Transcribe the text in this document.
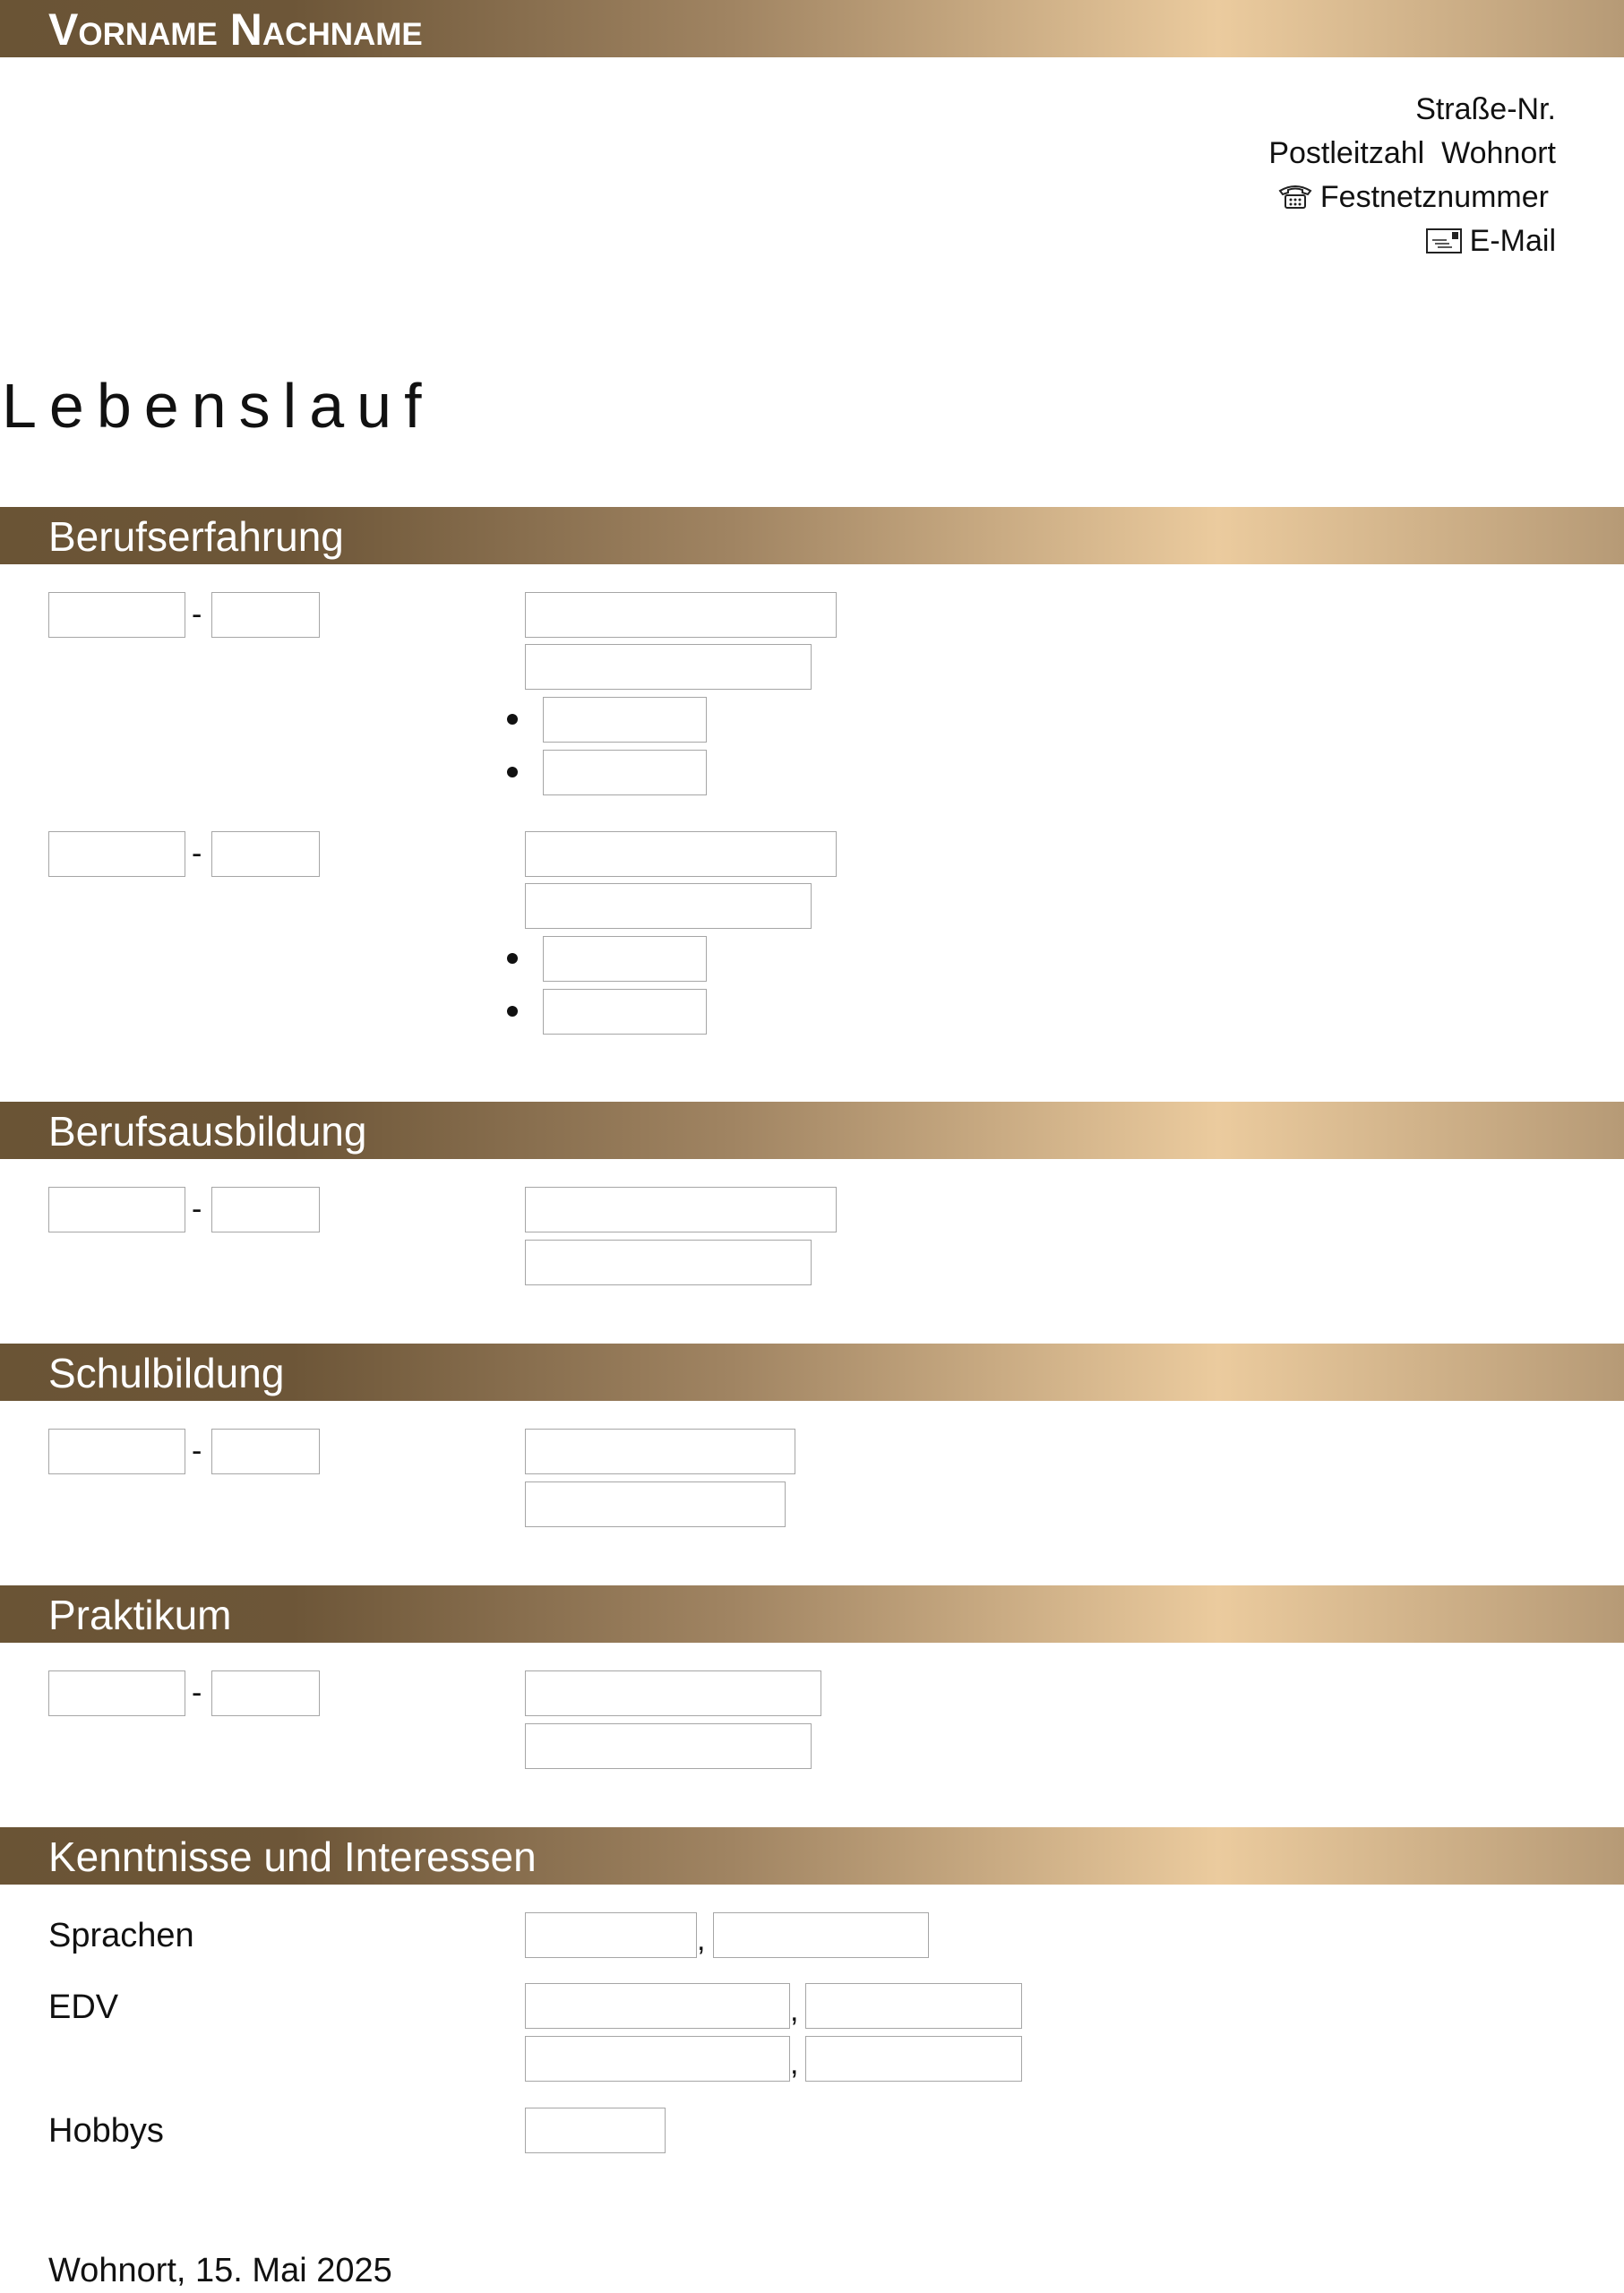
Vorname Nachname
Straße-Nr.
Postleitzahl Wohnort
Festnetznummer
E-Mail
Lebenslauf
Berufserfahrung
-
-
Berufsausbildung
-
Schulbildung
-
Praktikum
-
Kenntnisse und Interessen
Sprachen	,
EDV	,
,
Hobbys
Wohnort, 15. Mai 2025
